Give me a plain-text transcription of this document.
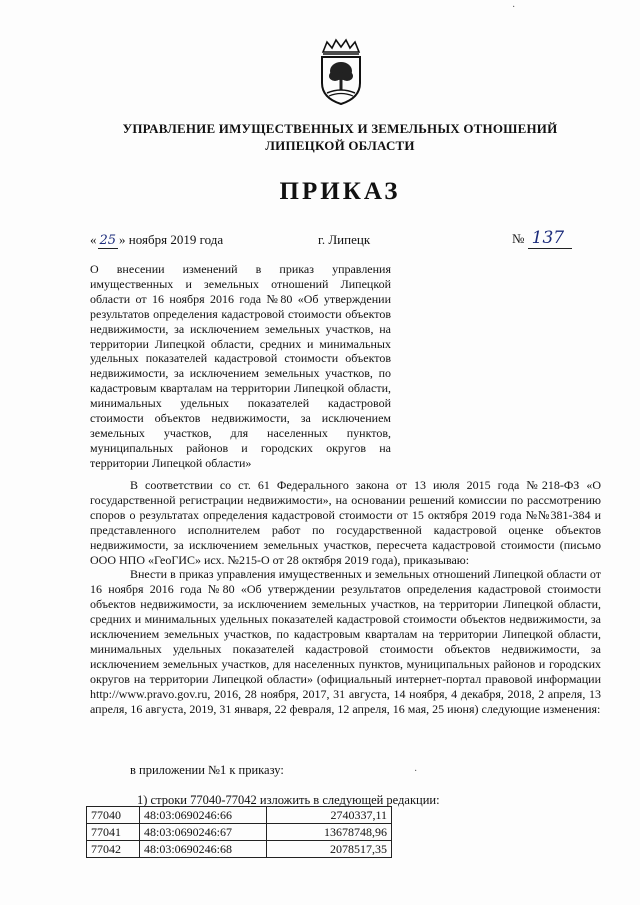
УПРАВЛЕНИЕ ИМУЩЕСТВЕННЫХ И ЗЕМЕЛЬНЫХ ОТНОШЕНИЙ
ЛИПЕЦКОЙ ОБЛАСТИ
ПРИКАЗ
« 25 » ноября 2019 года	г. Липецк	№ 137
О внесении изменений в приказ управления имущественных и земельных отношений Липецкой области от 16 ноября 2016 года №80 «Об утверждении результатов определения кадастровой стоимости объектов недвижимости, за исключением земельных участков, на территории Липецкой области, средних и минимальных удельных показателей кадастровой стоимости объектов недвижимости, за исключением земельных участков, по кадастровым кварталам на территории Липецкой области, минимальных удельных показателей кадастровой стоимости объектов недвижимости, за исключением земельных участков, для населенных пунктов, муниципальных районов и городских округов на территории Липецкой области»

В соответствии со ст. 61 Федерального закона от 13 июля 2015 года №218-ФЗ «О государственной регистрации недвижимости», на основании решений комиссии по рассмотрению споров о результатах определения кадастровой стоимости от 15 октября 2019 года №№381-384 и представленного исполнителем работ по государственной кадастровой оценке объектов недвижимости, за исключением земельных участков, пересчета кадастровой стоимости (письмо ООО НПО «ГеоГИС» исх. №215-О от 28 октября 2019 года), приказываю:

Внести в приказ управления имущественных и земельных отношений Липецкой области от 16 ноября 2016 года №80 «Об утверждении результатов определения кадастровой стоимости объектов недвижимости, за исключением земельных участков, на территории Липецкой области, средних и минимальных удельных показателей кадастровой стоимости объектов недвижимости, за исключением земельных участков, по кадастровым кварталам на территории Липецкой области, минимальных удельных показателей кадастровой стоимости объектов недвижимости, за исключением земельных участков, для населенных пунктов, муниципальных районов и городских округов на территории Липецкой области» (официальный интернет-портал правовой информации http://www.pravo.gov.ru, 2016, 28 ноября, 2017, 31 августа, 14 ноября, 4 декабря, 2018, 2 апреля, 13 апреля, 16 августа, 2019, 31 января, 22 февраля, 12 апреля, 16 мая, 25 июня) следующие изменения:

в приложении №1 к приказу:	·
1) строки 77040-77042 изложить в следующей редакции:
77040	48:03:0690246:66	2740337,11
77041	48:03:0690246:67	13678748,96
77042	48:03:0690246:68	2078517,35
·
